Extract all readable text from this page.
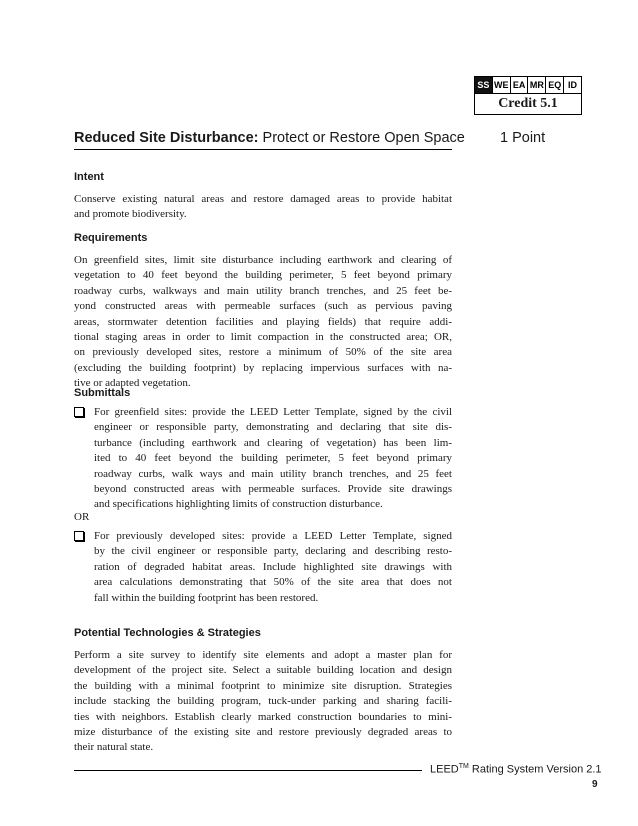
SS WE EA MR EQ ID
Credit 5.1
Reduced Site Disturbance: Protect or Restore Open Space 1 Point
Intent

Conserve existing natural areas and restore damaged areas to provide habitat
and promote biodiversity.

Requirements

On greenfield sites, limit site disturbance including earthwork and clearing of
vegetation to 40 feet beyond the building perimeter, 5 feet beyond primary
roadway curbs, walkways and main utility branch trenches, and 25 feet be-
yond constructed areas with permeable surfaces (such as pervious paving
areas, stormwater detention facilities and playing fields) that require addi-
tional staging areas in order to limit compaction in the constructed area; OR,
on previously developed sites, restore a minimum of 50% of the site area
(excluding the building footprint) by replacing impervious surfaces with na-
tive or adapted vegetation.

Submittals

For greenfield sites: provide the LEED Letter Template, signed by the civil
engineer or responsible party, demonstrating and declaring that site dis-
turbance (including earthwork and clearing of vegetation) has been lim-
ited to 40 feet beyond the building perimeter, 5 feet beyond primary
roadway curbs, walk ways and main utility branch trenches, and 25 feet
beyond constructed areas with permeable surfaces. Provide site drawings
and specifications highlighting limits of construction disturbance.

OR

For previously developed sites: provide a LEED Letter Template, signed
by the civil engineer or responsible party, declaring and describing resto-
ration of degraded habitat areas. Include highlighted site drawings with
area calculations demonstrating that 50% of the site area that does not
fall within the building footprint has been restored.

Potential Technologies & Strategies

Perform a site survey to identify site elements and adopt a master plan for
development of the project site. Select a suitable building location and design
the building with a minimal footprint to minimize site disruption. Strategies
include stacking the building program, tuck-under parking and sharing facili-
ties with neighbors. Establish clearly marked construction boundaries to mini-
mize disturbance of the existing site and restore previously degraded areas to
their natural state.

LEED™ Rating System Version 2.1
9
